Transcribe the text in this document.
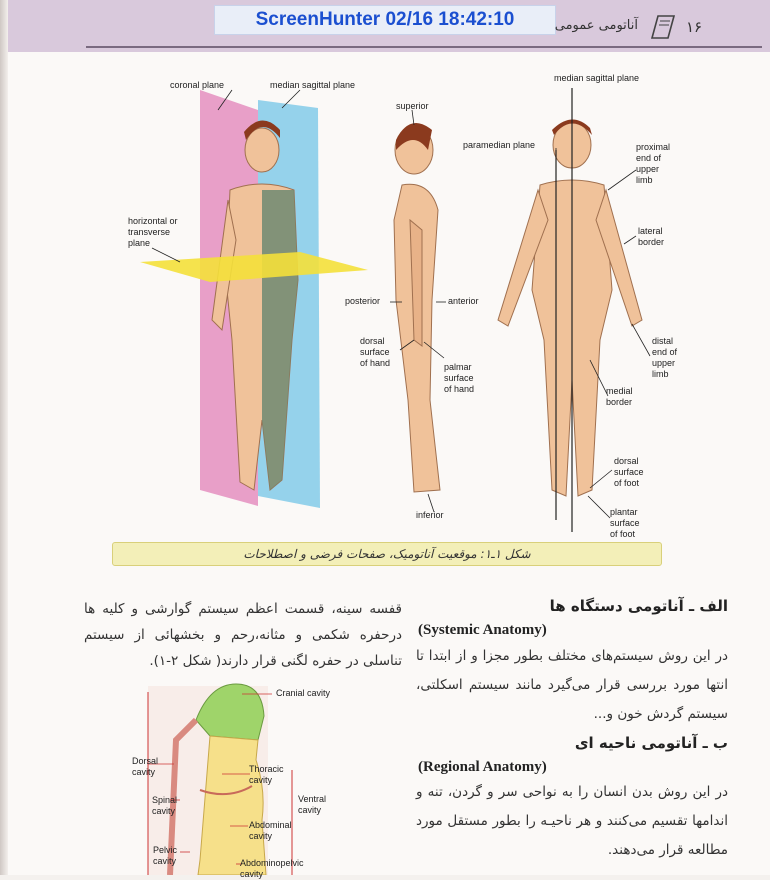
ScreenHunter 02/16 18:42:10	آناتومی عمومی	۱۶
coronal plane	median sagittal plane
horizontal or
transverse
plane
superior
posterior	anterior
dorsal
surface
of hand	palmar
surface
of hand
inferior
median sagittal plane
paramedian plane	proximal
end of
upper
limb
lateral
border
distal
end of
upper
limb
medial
border
dorsal
surface
of foot
plantar
surface
of foot
شکل ۱ـ۱: موقعیت آناتومیک، صفحات فرضی و اصطلاحات
قفسه سینه، قسمت اعظم سیستم گوارشی و کلیه ها درحفره شکمی و مثانه،رحم و بخشهائی از سیستم تناسلی در حفره لگنی قرار دارند( شکل ۲-۱).
Cranial cavity
Dorsal
cavity
Spinal
cavity
Pelvic
cavity
Thoracic
cavity
Ventral
cavity
Abdominal
cavity
Abdominopelvic
cavity
الف ـ آناتومی دستگاه ها
(Systemic Anatomy)
در این روش سیستم‌های مختلف بطور مجزا و از ابتدا تا انتها مورد بررسی قرار می‌گیرد مانند سیستم اسکلتی، سیستم گردش خون و...
ب ـ آناتومی ناحیه ای
(Regional Anatomy)
در این روش بدن انسان را به نواحی سر و گردن، تنه و اندامها تقسیم می‌کنند و هر ناحیـه را بطور مستقل مورد مطالعه قرار می‌دهند.
